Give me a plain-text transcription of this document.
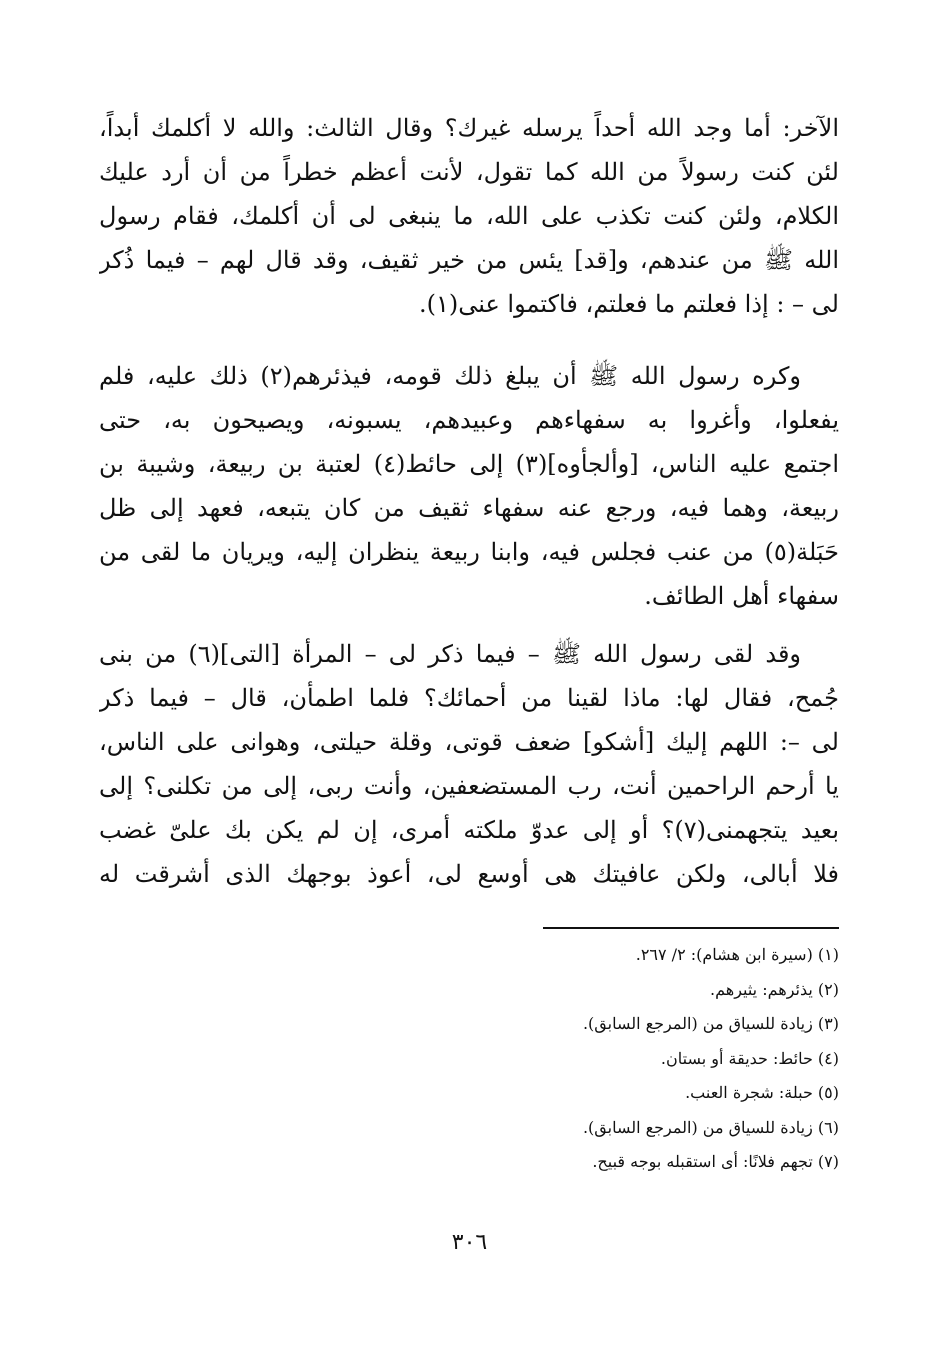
الآخر: أما وجد الله أحداً يرسله غيرك؟ وقال الثالث: والله لا أكلمك أبداً،
لئن كنت رسولاً من الله كما تقول، لأنت أعظم خطراً من أن أرد عليك
الكلام، ولئن كنت تكذب على الله، ما ينبغى لى أن أكلمك، فقام رسول
الله ﷺ من عندهم، و[قد] يئس من خير ثقيف، وقد قال لهم – فيما ذُكر
لى – : إذا فعلتم ما فعلتم، فاكتموا عنى(١).
وكره رسول الله ﷺ أن يبلغ ذلك قومه، فيذئرهم(٢) ذلك عليه، فلم
يفعلوا، وأغروا به سفهاءهم وعبيدهم، يسبونه، ويصيحون به، حتى
اجتمع عليه الناس، [وألجأوه](٣) إلى حائط(٤) لعتبة بن ربيعة، وشيبة بن
ربيعة، وهما فيه، ورجع عنه سفهاء ثقيف من كان يتبعه، فعهد إلى ظل
حَبَلة(٥) من عنب فجلس فيه، وابنا ربيعة ينظران إليه، ويريان ما لقى من
سفهاء أهل الطائف.
وقد لقى رسول الله ﷺ – فيما ذكر لى – المرأة [التى](٦) من بنى
جُمح، فقال لها: ماذا لقينا من أحمائك؟ فلما اطمأن، قال – فيما ذكر
لى –: اللهم إليك [أشكو] ضعف قوتى، وقلة حيلتى، وهوانى على الناس،
يا أرحم الراحمين أنت، رب المستضعفين، وأنت ربى، إلى من تكلنى؟ إلى
بعيد يتجهمنى(٧)؟ أو إلى عدوّ ملكته أمرى، إن لم يكن بك علىّ غضب
فلا أبالى، ولكن عافيتك هى أوسع لى، أعوذ بوجهك الذى أشرقت له
(١) (سيرة ابن هشام): ٢/ ٢٦٧.
(٢) يذئرهم: يثيرهم.
(٣) زيادة للسياق من (المرجع السابق).
(٤) حائط: حديقة أو بستان.
(٥) حبلة: شجرة العنب.
(٦) زيادة للسياق من (المرجع السابق).
(٧) تجهم فلانًا: أى استقبله بوجه قبيح.
٣٠٦
